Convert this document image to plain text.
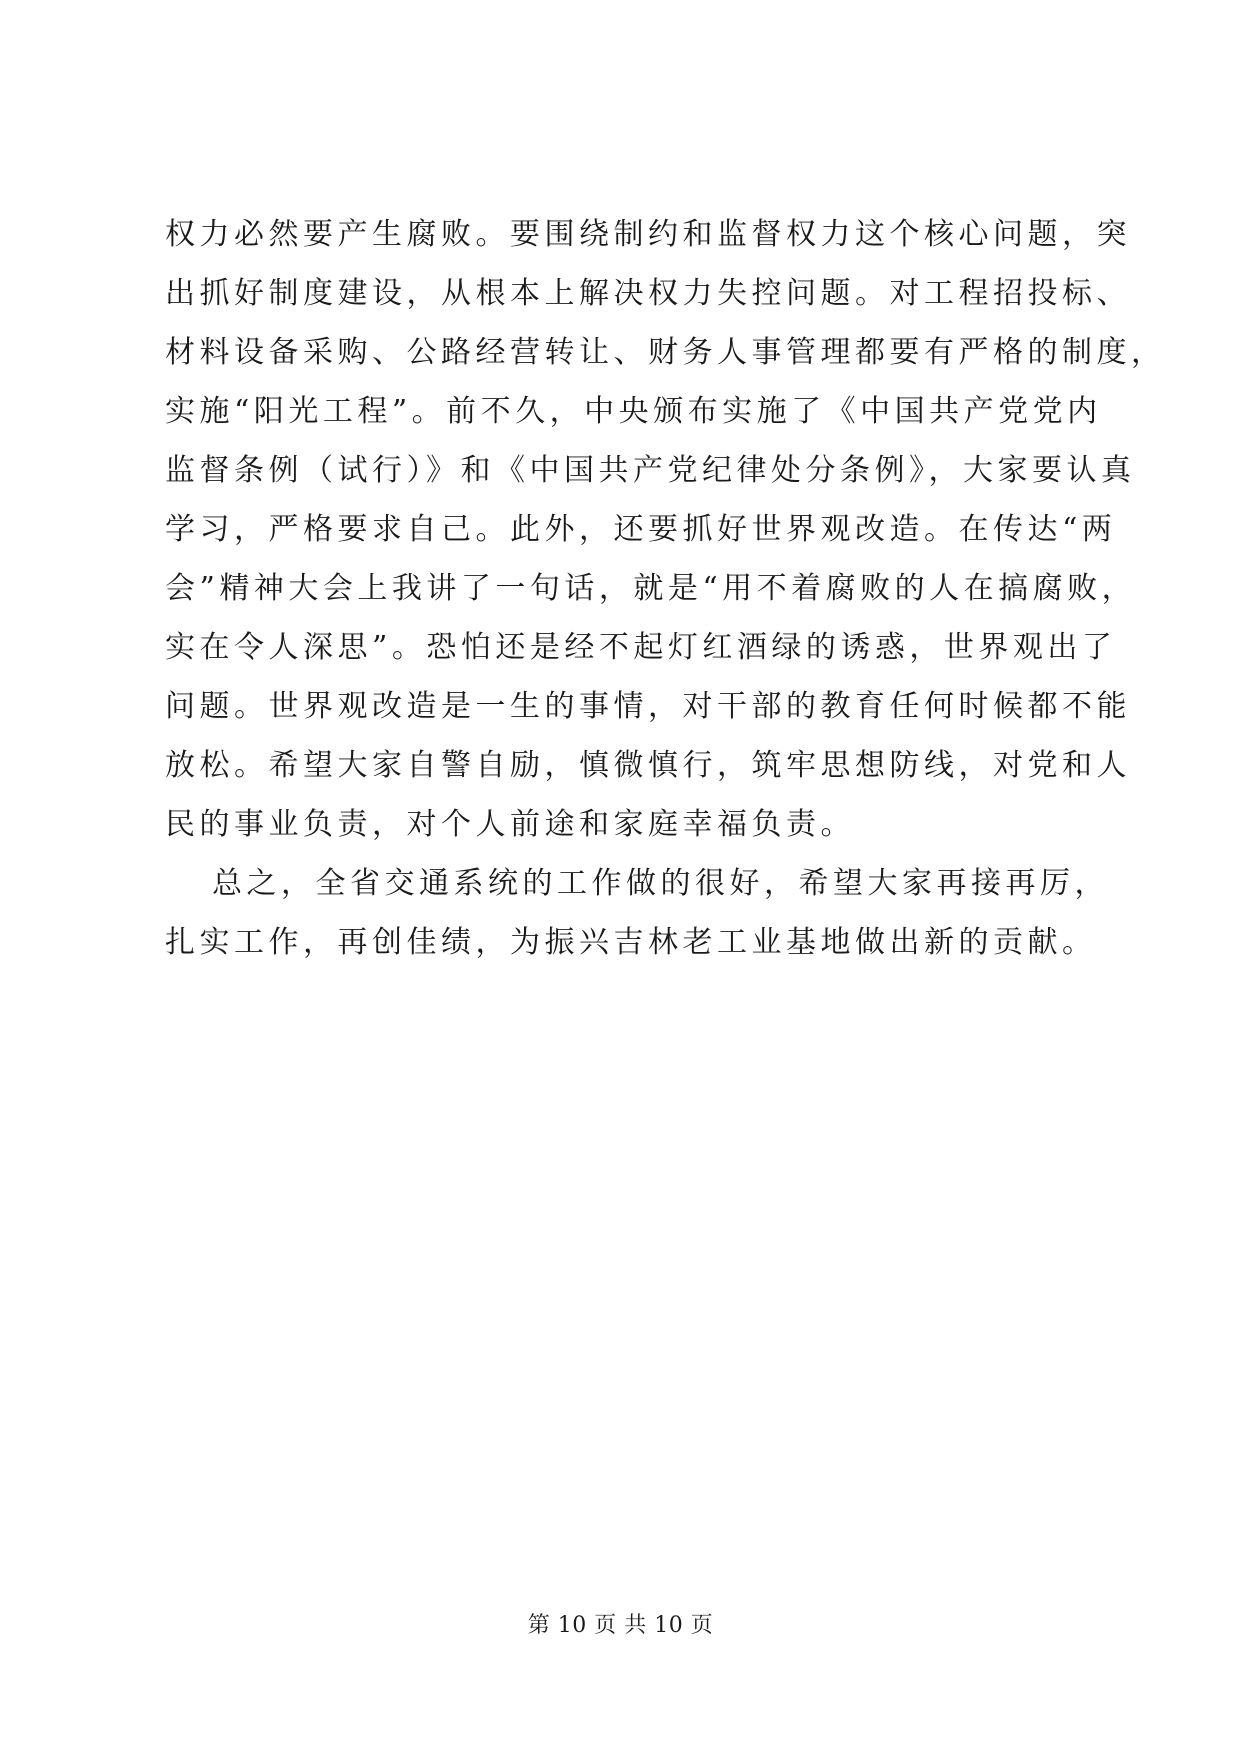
权力必然要产生腐败。要围绕制约和监督权力这个核心问题，突
出抓好制度建设，从根本上解决权力失控问题。对工程招投标、
材料设备采购、公路经营转让、财务人事管理都要有严格的制度，
实施“阳光工程”。前不久，中央颁布实施了《中国共产党党内
监督条例（试行）》和《中国共产党纪律处分条例》，大家要认真
学习，严格要求自己。此外，还要抓好世界观改造。在传达“两
会”精神大会上我讲了一句话，就是“用不着腐败的人在搞腐败，
实在令人深思”。恐怕还是经不起灯红酒绿的诱惑，世界观出了
问题。世界观改造是一生的事情，对干部的教育任何时候都不能
放松。希望大家自警自励，慎微慎行，筑牢思想防线，对党和人
民的事业负责，对个人前途和家庭幸福负责。
总之，全省交通系统的工作做的很好，希望大家再接再厉，
扎实工作，再创佳绩，为振兴吉林老工业基地做出新的贡献。
第 10 页 共 10 页
